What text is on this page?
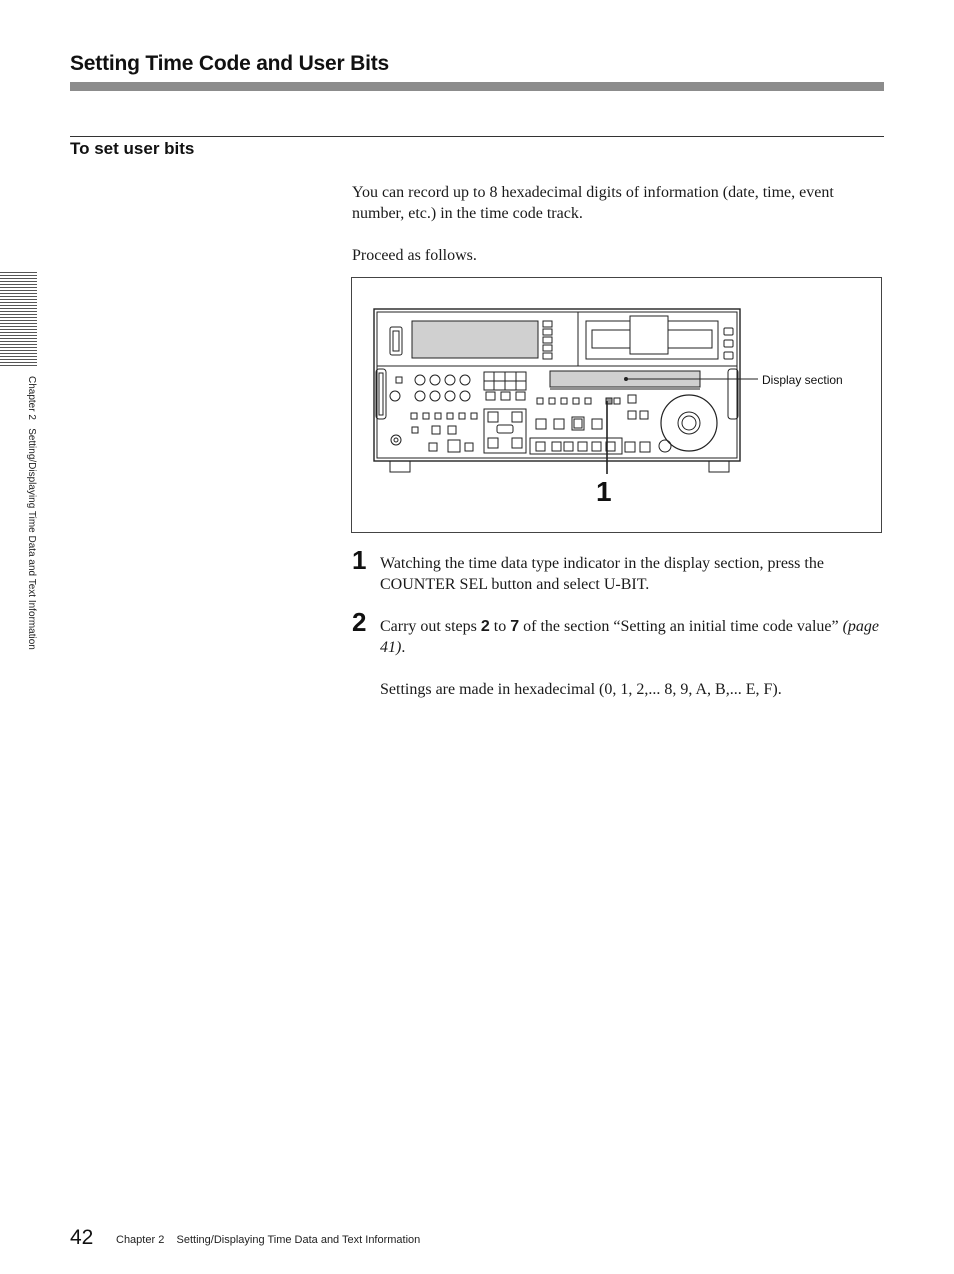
Setting Time Code and User Bits
To set user bits

You can record up to 8 hexadecimal digits of information (date, time, event number, etc.) in the time code track.

Proceed as follows.

Display section
1
1 Watching the time data type indicator in the display section, press the COUNTER SEL button and select U-BIT.

2 Carry out steps 2 to 7 of the section “Setting an initial time code value” (page 41).

Settings are made in hexadecimal (0, 1, 2,... 8, 9, A, B,... E, F).

Chapter 2   Setting/Displaying Time Data and Text Information
42 Chapter 2    Setting/Displaying Time Data and Text Information
